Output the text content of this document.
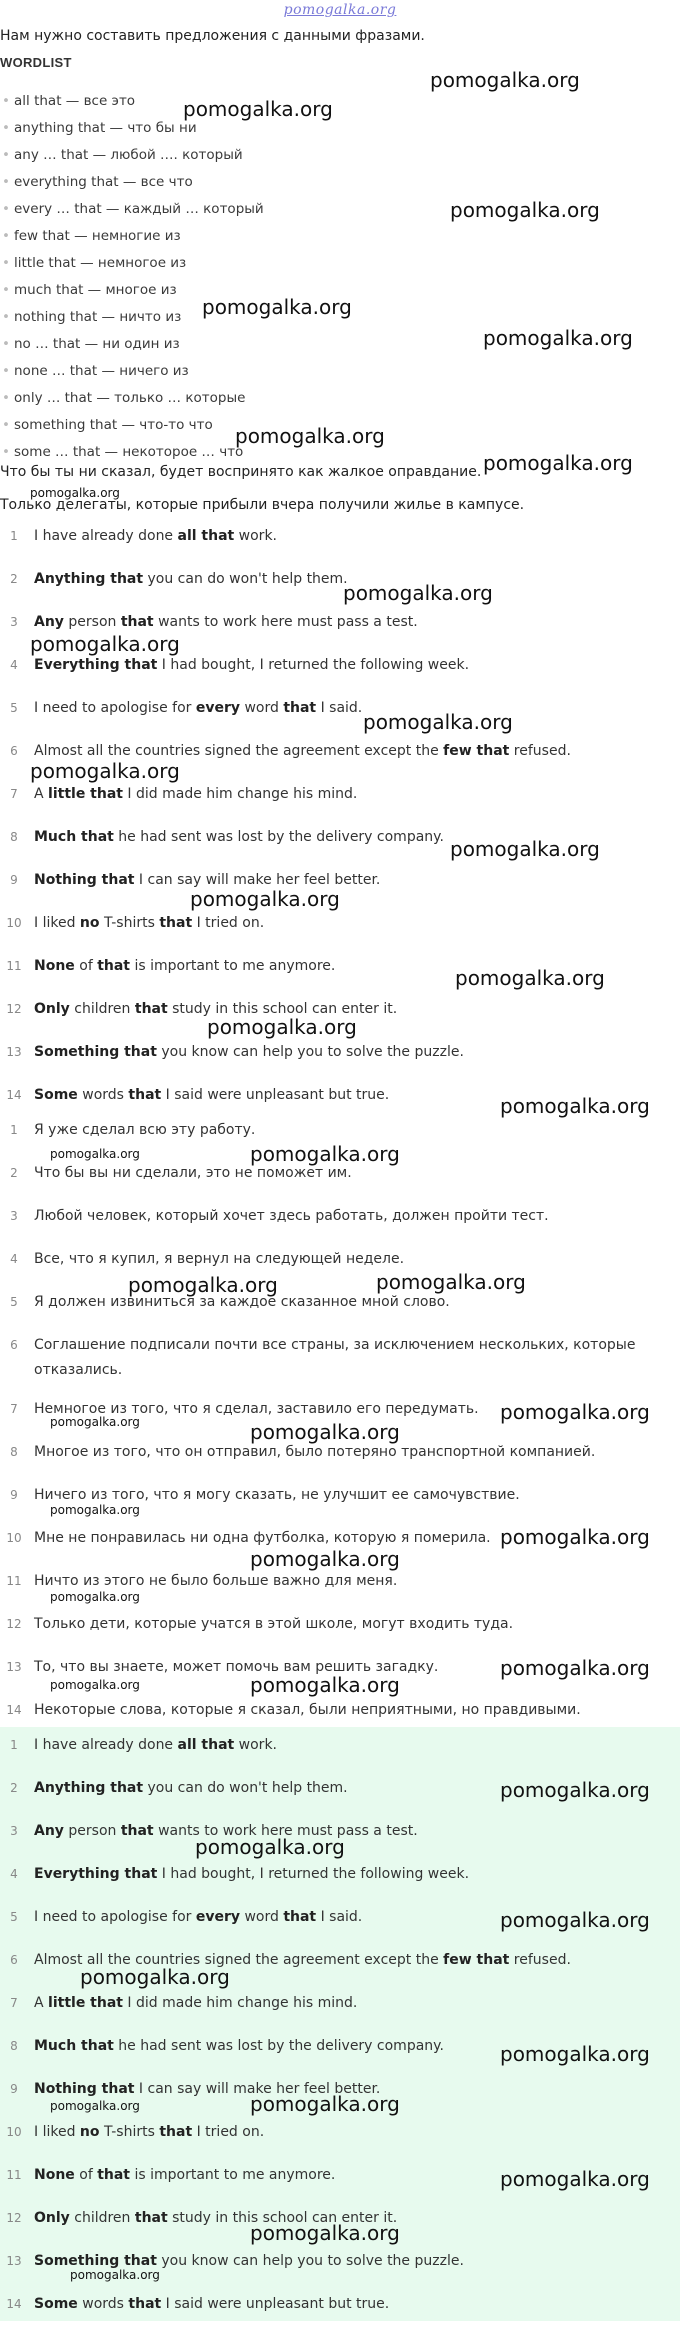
pomogalka.org
Нам нужно составить предложения с данными фразами.
WORDLIST
• all that — все это
• anything that — что бы ни
• any … that — любой …. который
• everything that — все что
• every … that — каждый … который
• few that — немногие из
• little that — немногое из
• much that — многое из
• nothing that — ничто из
• no … that — ни один из
• none … that — ничего из
• only … that — только … которые
• something that — что-то что
• some … that — некоторое … что
Что бы ты ни сказал, будет воспринято как жалкое оправдание.
Только делегаты, которые прибыли вчера получили жилье в кампусе.
1 I have already done all that work.
2 Anything that you can do won't help them.
3 Any person that wants to work here must pass a test.
4 Everything that I had bought, I returned the following week.
5 I need to apologise for every word that I said.
6 Almost all the countries signed the agreement except the few that refused.
7 A little that I did made him change his mind.
8 Much that he had sent was lost by the delivery company.
9 Nothing that I can say will make her feel better.
10 I liked no T-shirts that I tried on.
11 None of that is important to me anymore.
12 Only children that study in this school can enter it.
13 Something that you know can help you to solve the puzzle.
14 Some words that I said were unpleasant but true.
1 Я уже сделал всю эту работу.
2 Что бы вы ни сделали, это не поможет им.
3 Любой человек, который хочет здесь работать, должен пройти тест.
4 Все, что я купил, я вернул на следующей неделе.
5 Я должен извиниться за каждое сказанное мной слово.
6 Соглашение подписали почти все страны, за исключением нескольких, которые отказались.
7 Немногое из того, что я сделал, заставило его передумать.
8 Многое из того, что он отправил, было потеряно транспортной компанией.
9 Ничего из того, что я могу сказать, не улучшит ее самочувствие.
10 Мне не понравилась ни одна футболка, которую я померила.
11 Ничто из этого не было больше важно для меня.
12 Только дети, которые учатся в этой школе, могут входить туда.
13 То, что вы знаете, может помочь вам решить загадку.
14 Некоторые слова, которые я сказал, были неприятными, но правдивыми.
1 I have already done all that work.
2 Anything that you can do won't help them.
3 Any person that wants to work here must pass a test.
4 Everything that I had bought, I returned the following week.
5 I need to apologise for every word that I said.
6 Almost all the countries signed the agreement except the few that refused.
7 A little that I did made him change his mind.
8 Much that he had sent was lost by the delivery company.
9 Nothing that I can say will make her feel better.
10 I liked no T-shirts that I tried on.
11 None of that is important to me anymore.
12 Only children that study in this school can enter it.
13 Something that you know can help you to solve the puzzle.
14 Some words that I said were unpleasant but true.
pomogalka.org
pomogalka.org
pomogalka.org
pomogalka.org
pomogalka.org
pomogalka.org
pomogalka.org
pomogalka.org
pomogalka.org
pomogalka.org
pomogalka.org
pomogalka.org
pomogalka.org
pomogalka.org
pomogalka.org
pomogalka.org
pomogalka.org
pomogalka.org	pomogalka.org
pomogalka.org	pomogalka.org
pomogalka.org
pomogalka.org	pomogalka.org
pomogalka.org
pomogalka.org
pomogalka.org
pomogalka.org
pomogalka.org
pomogalka.org	pomogalka.org
pomogalka.org
pomogalka.org
pomogalka.org
pomogalka.org
pomogalka.org
pomogalka.org	pomogalka.org
pomogalka.org
pomogalka.org
pomogalka.org
